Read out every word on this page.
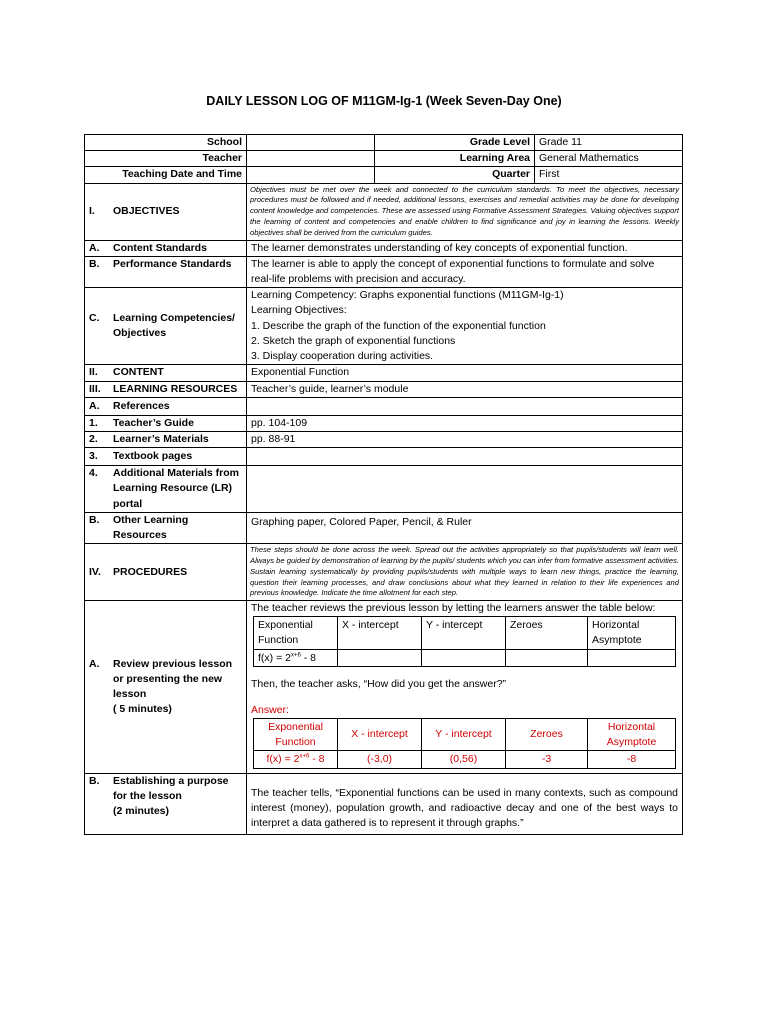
DAILY LESSON LOG OF M11GM-Ig-1 (Week Seven-Day One)
School		Grade Level	Grade 11
Teacher		Learning Area	General Mathematics
Teaching Date and Time		Quarter	First

I.	OBJECTIVES
	Objectives must be met over the week and connected to the curriculum standards. To meet the objectives, necessary procedures must be followed and if needed, additional lessons, exercises and remedial activities may be done for developing content knowledge and competencies. These are assessed using Formative Assessment Strategies. Valuing objectives support the learning of content and competencies and enable children to find significance and joy in learning the lessons. Weekly objectives shall be derived from the curriculum guides.

A.	Content Standards	The learner demonstrates understanding of key concepts of exponential function.

B.	Performance Standards	The learner is able to apply the concept of exponential functions to formulate and solve real-life problems with precision and accuracy.

C.	Learning Competencies/ Objectives

Learning Competency: Graphs exponential functions (M11GM-Ig-1)
Learning Objectives:
1. Describe the graph of the function of the exponential function
2. Sketch the graph of exponential functions
3. Display cooperation during activities.

II.	CONTENT	Exponential Function

III.	LEARNING RESOURCES	Teacher’s guide, learner’s module

A.	References

1.	Teacher’s Guide	pp. 104-109

2.	Learner’s Materials	pp. 88-91

3.	Textbook pages

4.	Additional Materials from Learning Resource (LR) portal

B.	Other Learning Resources
	Graphing paper, Colored Paper, Pencil, & Ruler

IV.	PROCEDURES
	These steps should be done across the week. Spread out the activities appropriately so that pupils/students will learn well. Always be guided by demonstration of learning by the pupils/ students which you can infer from formative assessment activities. Sustain learning systematically by providing pupils/students with multiple ways to learn new things, practice the learning, question their learning processes, and draw conclusions about what they learned in relation to their life experiences and previous knowledge. Indicate the time allotment for each step.

A.	Review previous lesson or presenting the new lesson
( 5 minutes)

The teacher reviews the previous lesson by letting the learners answer the table below:
Exponential Function	X - intercept	Y - intercept	Zeroes	Horizontal Asymptote
$f(x) = 2^{x+6} - 8$				
Then, the teacher asks, “How did you get the answer?”
Answer:
Exponential Function	X - intercept	Y - intercept	Zeroes	Horizontal Asymptote
$f(x) = 2^{x+6} - 8$	(-3,0)	(0,56)	-3	-8

B.	Establishing a purpose for the lesson
(2 minutes)
	The teacher tells, “Exponential functions can be used in many contexts, such as compound interest (money), population growth, and radioactive decay and one of the best ways to interpret a data gathered is to represent it through graphs.”
